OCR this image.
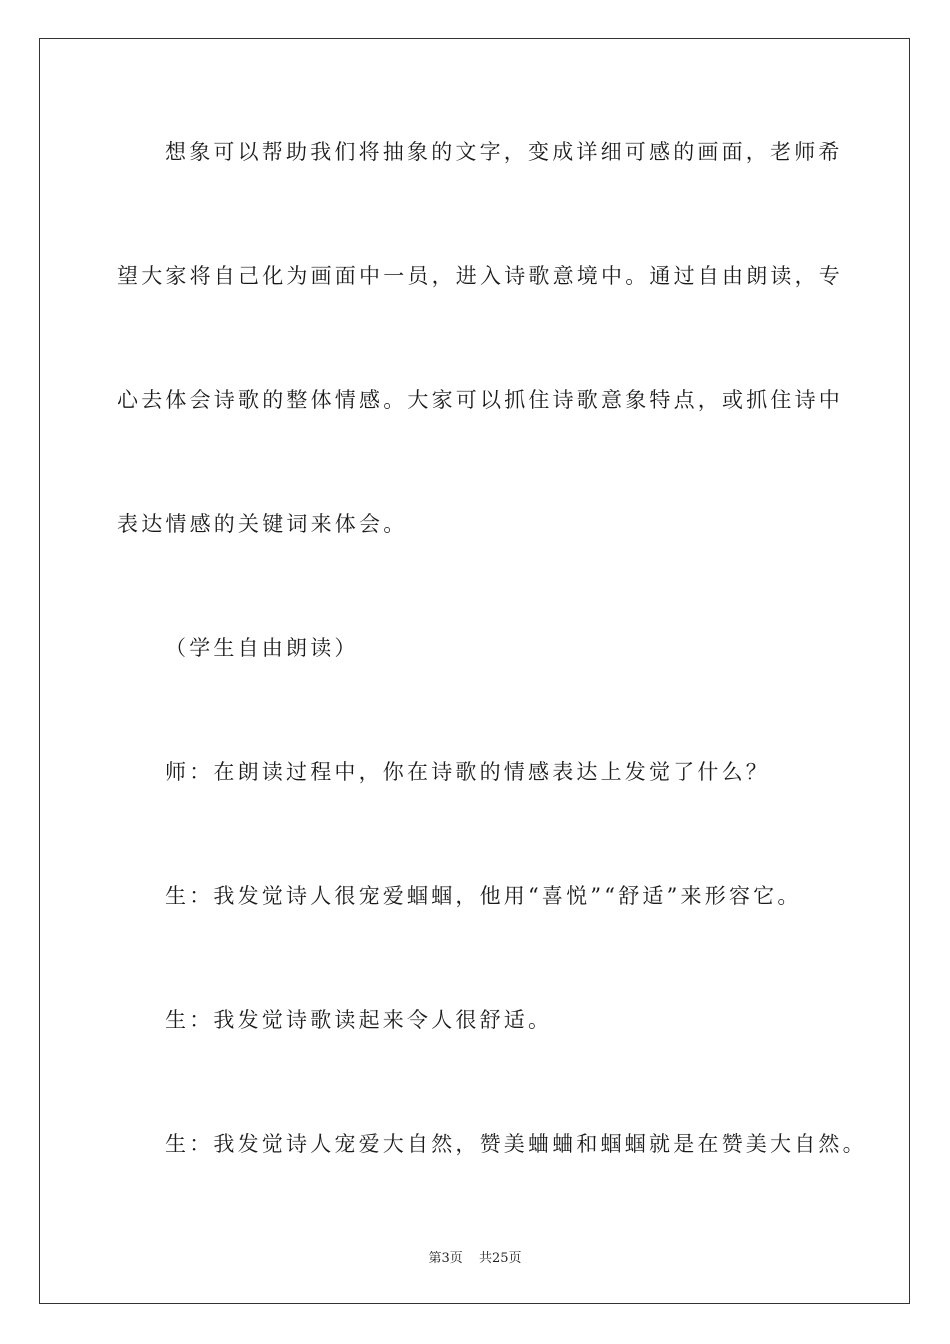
想象可以帮助我们将抽象的文字，变成详细可感的画面，老师希
望大家将自己化为画面中一员，进入诗歌意境中。通过自由朗读，专
心去体会诗歌的整体情感。大家可以抓住诗歌意象特点，或抓住诗中
表达情感的关键词来体会。
（学生自由朗读）
师：在朗读过程中，你在诗歌的情感表达上发觉了什么？
生：我发觉诗人很宠爱蝈蝈，他用“喜悦”“舒适”来形容它。
生：我发觉诗歌读起来令人很舒适。
生：我发觉诗人宠爱大自然，赞美蛐蛐和蝈蝈就是在赞美大自然。
第3页 共25页
